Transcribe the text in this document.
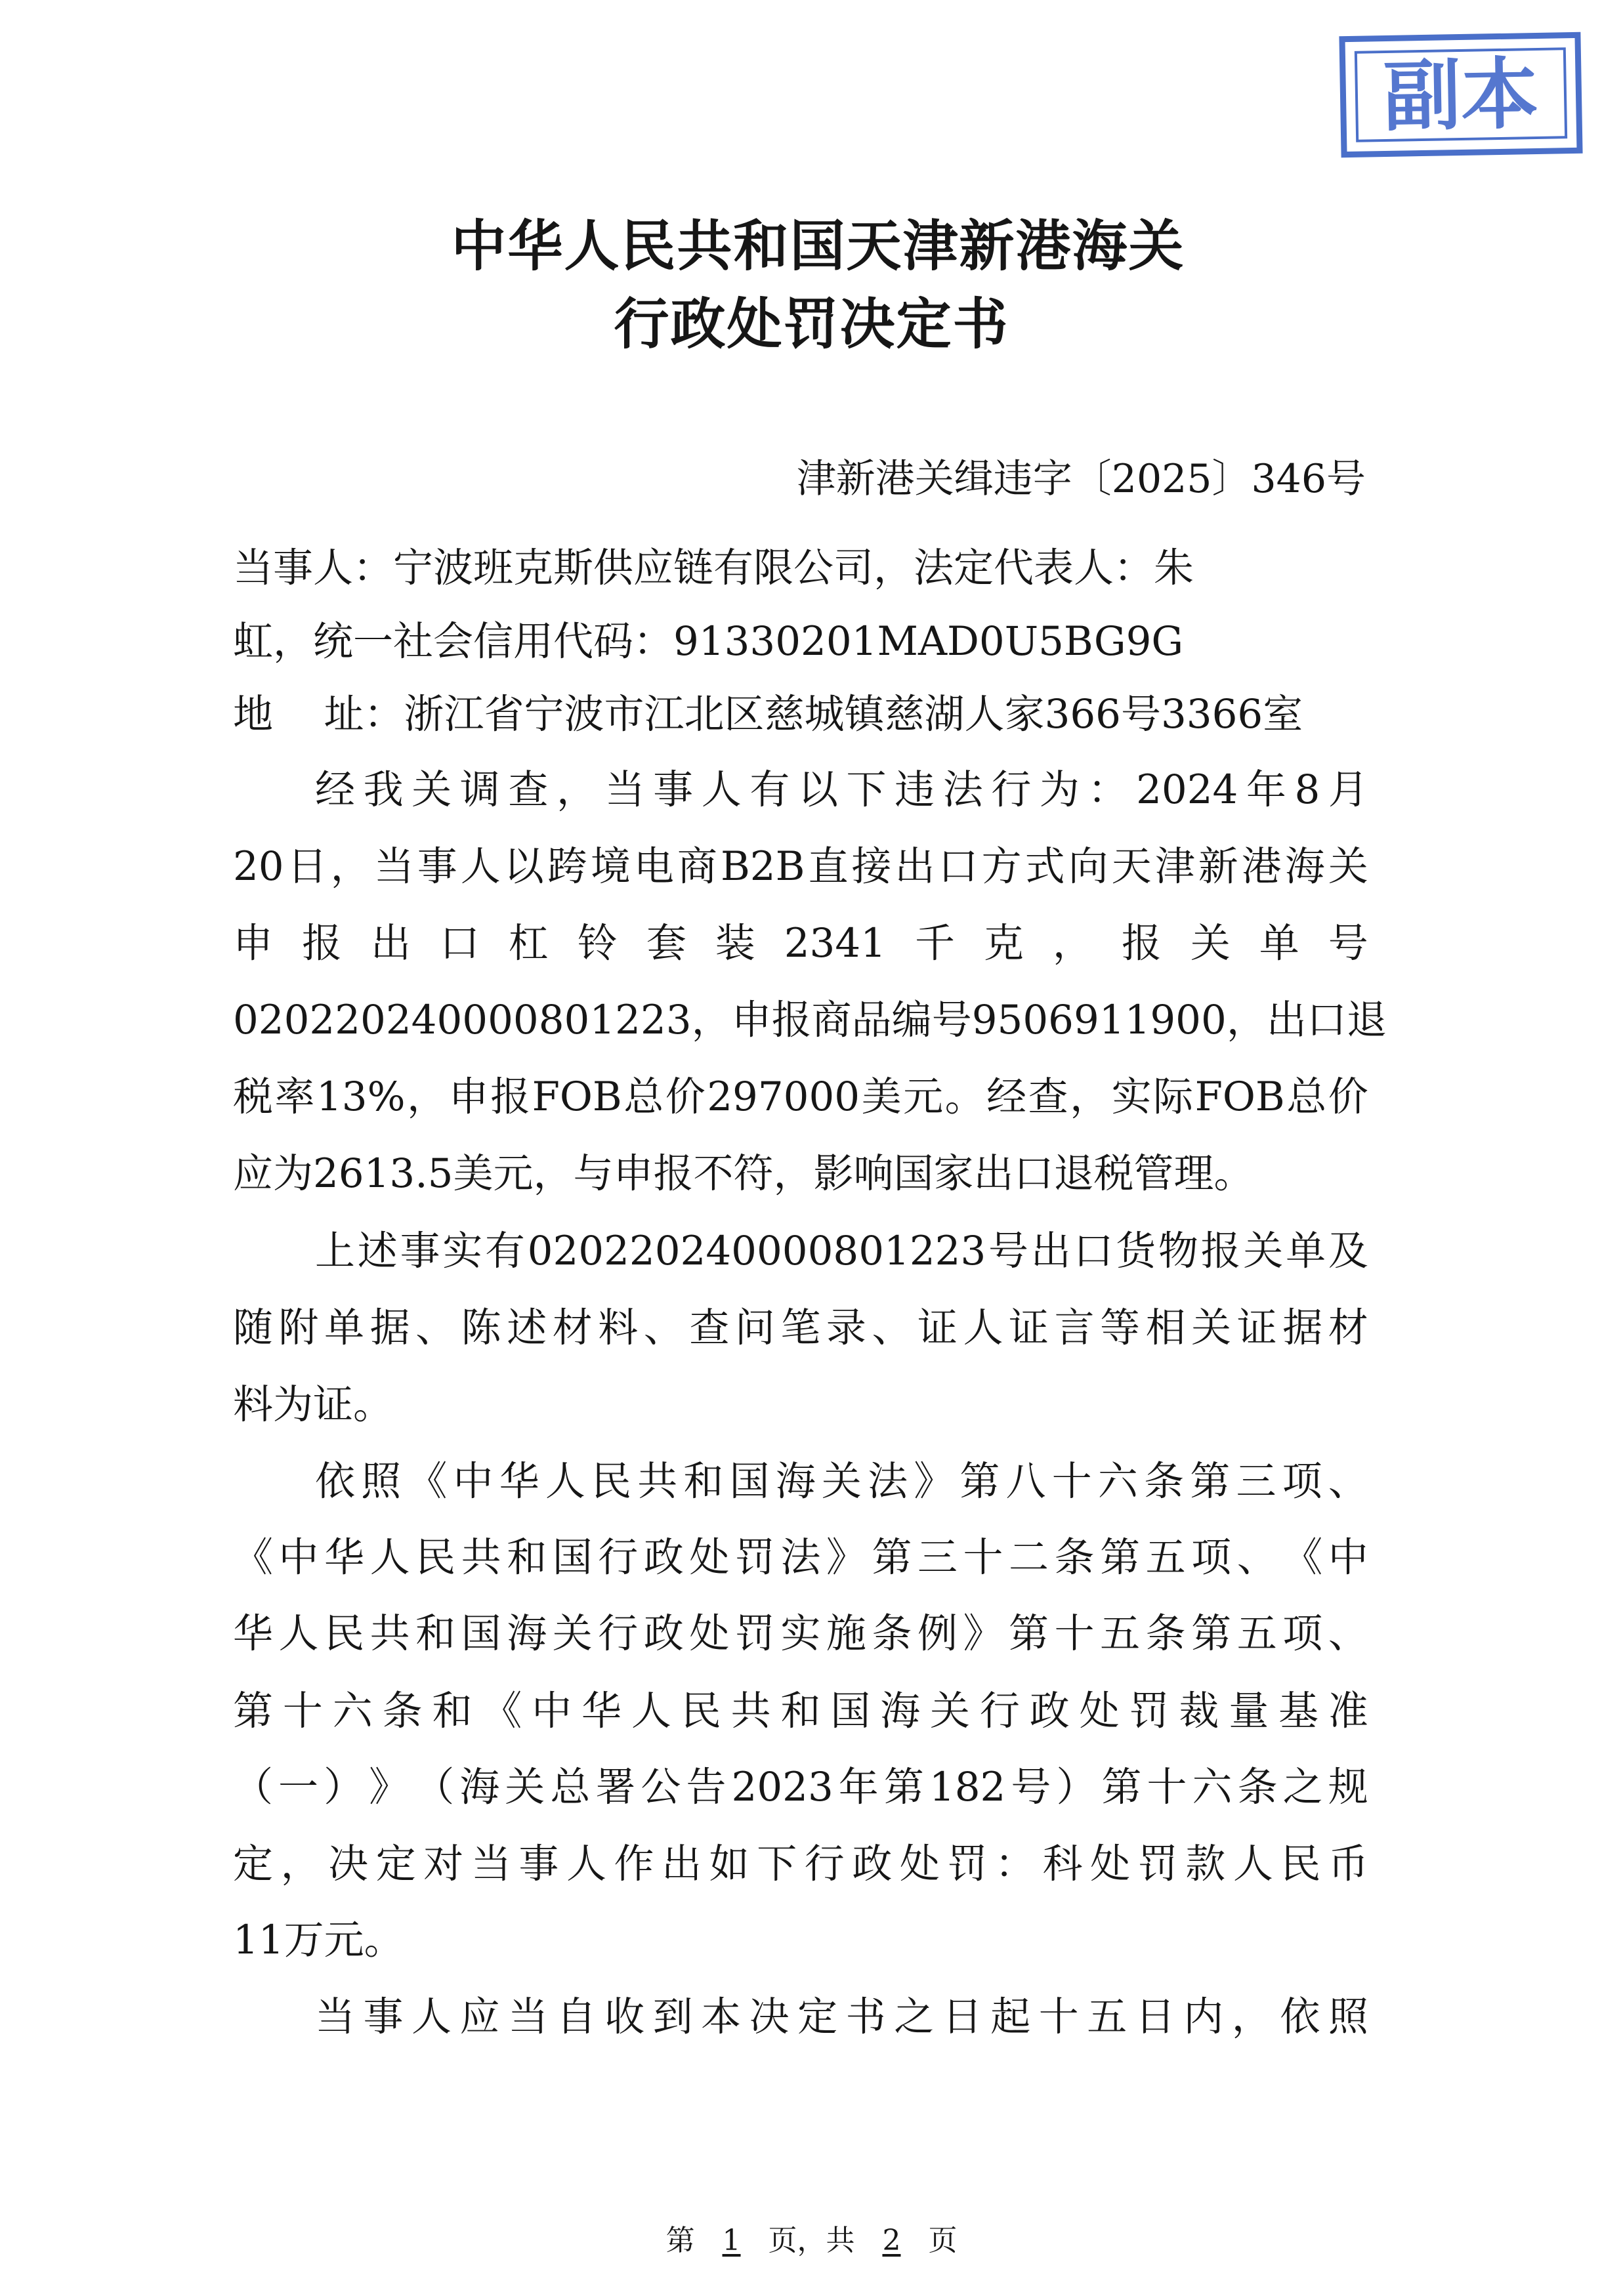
副本
中华人民共和国天津新港海关
行政处罚决定书
津新港关缉违字〔2025〕346号
当事人：宁波班克斯供应链有限公司，法定代表人：朱
虹，统一社会信用代码：91330201MAD0U5BG9G
地    址：浙江省宁波市江北区慈城镇慈湖人家366号3366室
经 我 关 调 查 ， 当 事 人 有 以 下 违 法 行 为 ： 2024 年 8 月
20 日 ， 当 事 人 以 跨 境 电 商 B2B 直 接 出 口 方 式 向 天 津 新 港 海 关
申 报 出 口 杠 铃 套 装 2341 千 克 ， 报 关 单 号
020220240000801223 ， 申 报 商 品 编 号 9506911900 ， 出 口 退
税 率 13% ， 申 报 FOB 总 价 297000 美 元 。 经 查 ， 实 际 FOB 总 价
应为2613.5美元，与申报不符，影响国家出口退税管理。
上 述 事 实 有 020220240000801223 号 出 口 货 物 报 关 单 及
随 附 单 据 、 陈 述 材 料 、 查 问 笔 录 、 证 人 证 言 等 相 关 证 据 材
料为证。
依 照 《 中 华 人 民 共 和 国 海 关 法 》 第 八 十 六 条 第 三 项 、
《 中 华 人 民 共 和 国 行 政 处 罚 法 》 第 三 十 二 条 第 五 项 、 《 中
华 人 民 共 和 国 海 关 行 政 处 罚 实 施 条 例 》 第 十 五 条 第 五 项 、
第 十 六 条 和 《 中 华 人 民 共 和 国 海 关 行 政 处 罚 裁 量 基 准
（ 一 ） 》 （ 海 关 总 署 公 告 2023 年 第 182 号 ） 第 十 六 条 之 规
定 ， 决 定 对 当 事 人 作 出 如 下 行 政 处 罚 ： 科 处 罚 款 人 民 币
11万元。
当 事 人 应 当 自 收 到 本 决 定 书 之 日 起 十 五 日 内 ， 依 照
第 1 页，共 2 页
